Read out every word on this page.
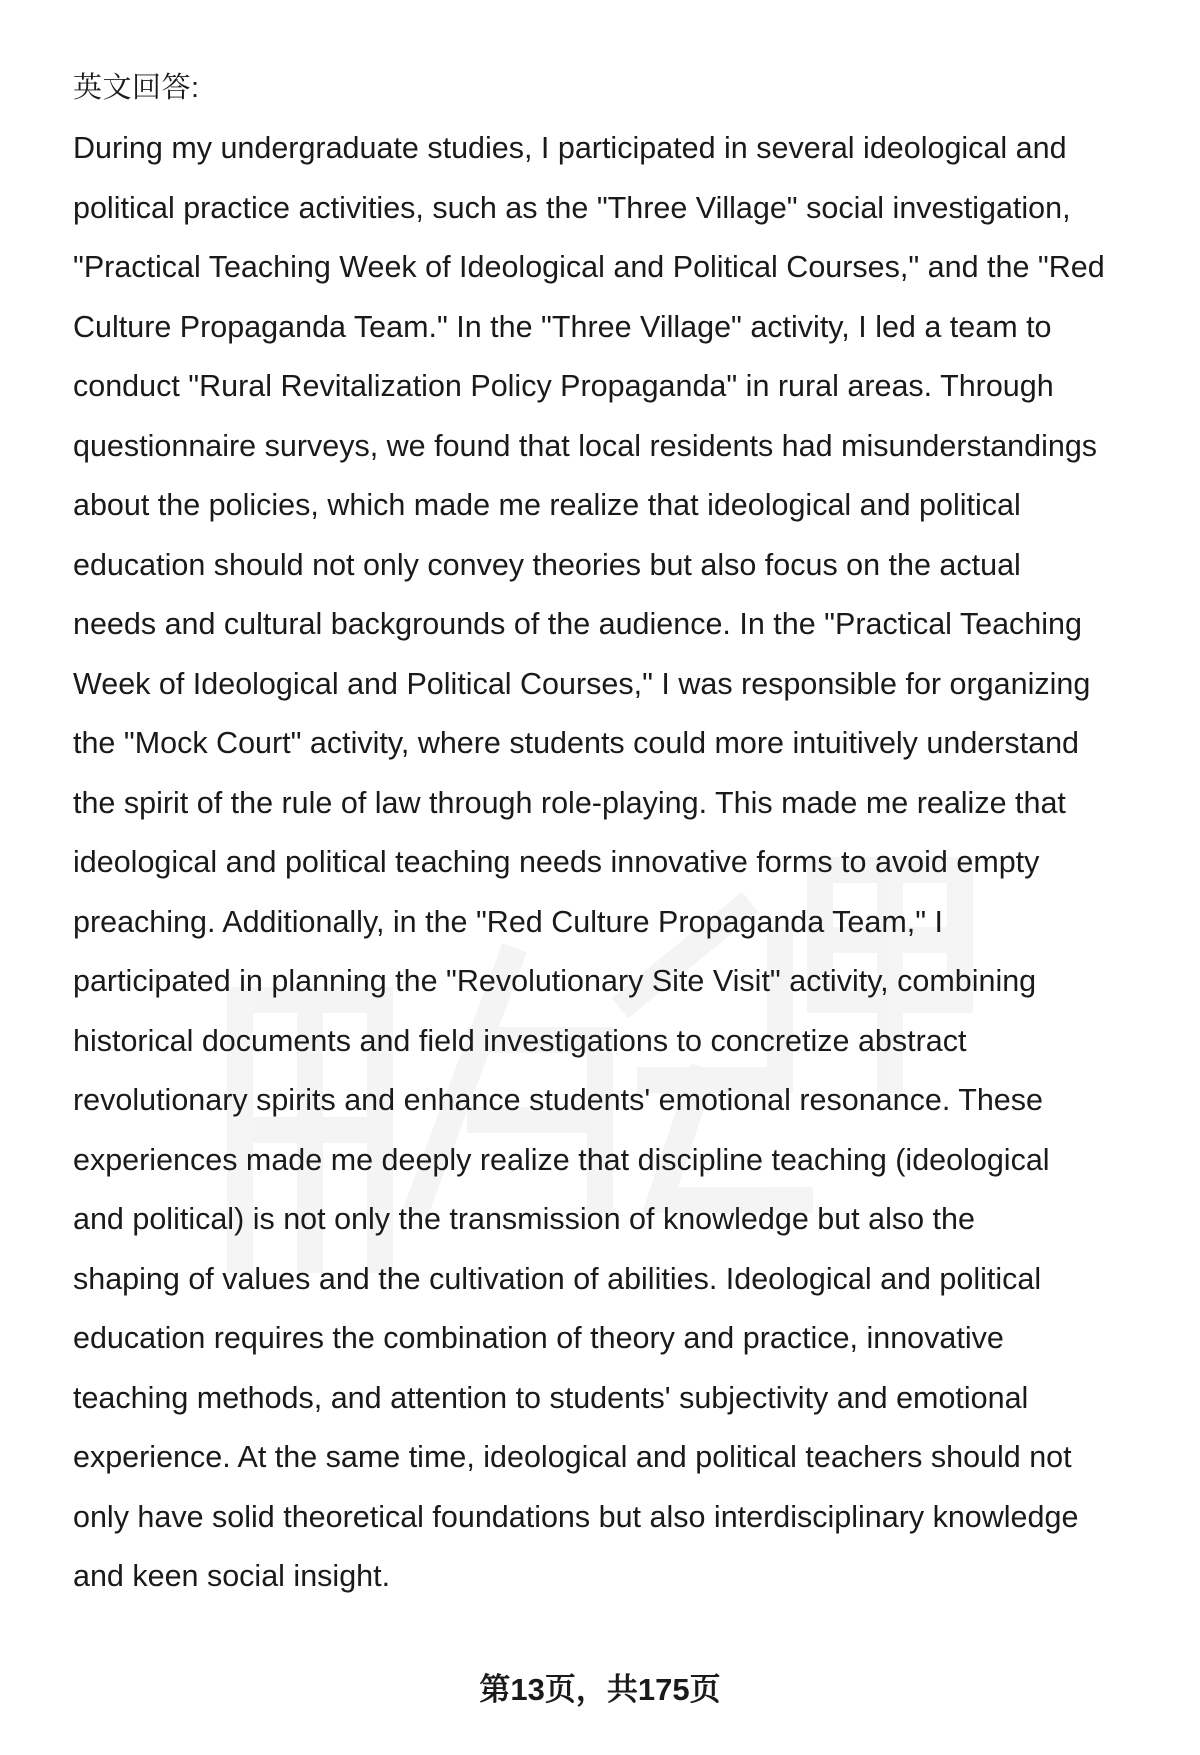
英文回答:
During my undergraduate studies, I participated in several ideological and
political practice activities, such as the "Three Village" social investigation,
"Practical Teaching Week of Ideological and Political Courses," and the "Red
Culture Propaganda Team." In the "Three Village" activity, I led a team to
conduct "Rural Revitalization Policy Propaganda" in rural areas. Through
questionnaire surveys, we found that local residents had misunderstandings
about the policies, which made me realize that ideological and political
education should not only convey theories but also focus on the actual
needs and cultural backgrounds of the audience. In the "Practical Teaching
Week of Ideological and Political Courses," I was responsible for organizing
the "Mock Court" activity, where students could more intuitively understand
the spirit of the rule of law through role-playing. This made me realize that
ideological and political teaching needs innovative forms to avoid empty
preaching. Additionally, in the "Red Culture Propaganda Team," I
participated in planning the "Revolutionary Site Visit" activity, combining
historical documents and field investigations to concretize abstract
revolutionary spirits and enhance students' emotional resonance. These
experiences made me deeply realize that discipline teaching (ideological
and political) is not only the transmission of knowledge but also the
shaping of values and the cultivation of abilities. Ideological and political
education requires the combination of theory and practice, innovative
teaching methods, and attention to students' subjectivity and emotional
experience. At the same time, ideological and political teachers should not
only have solid theoretical foundations but also interdisciplinary knowledge
and keen social insight.
第13页，共175页
